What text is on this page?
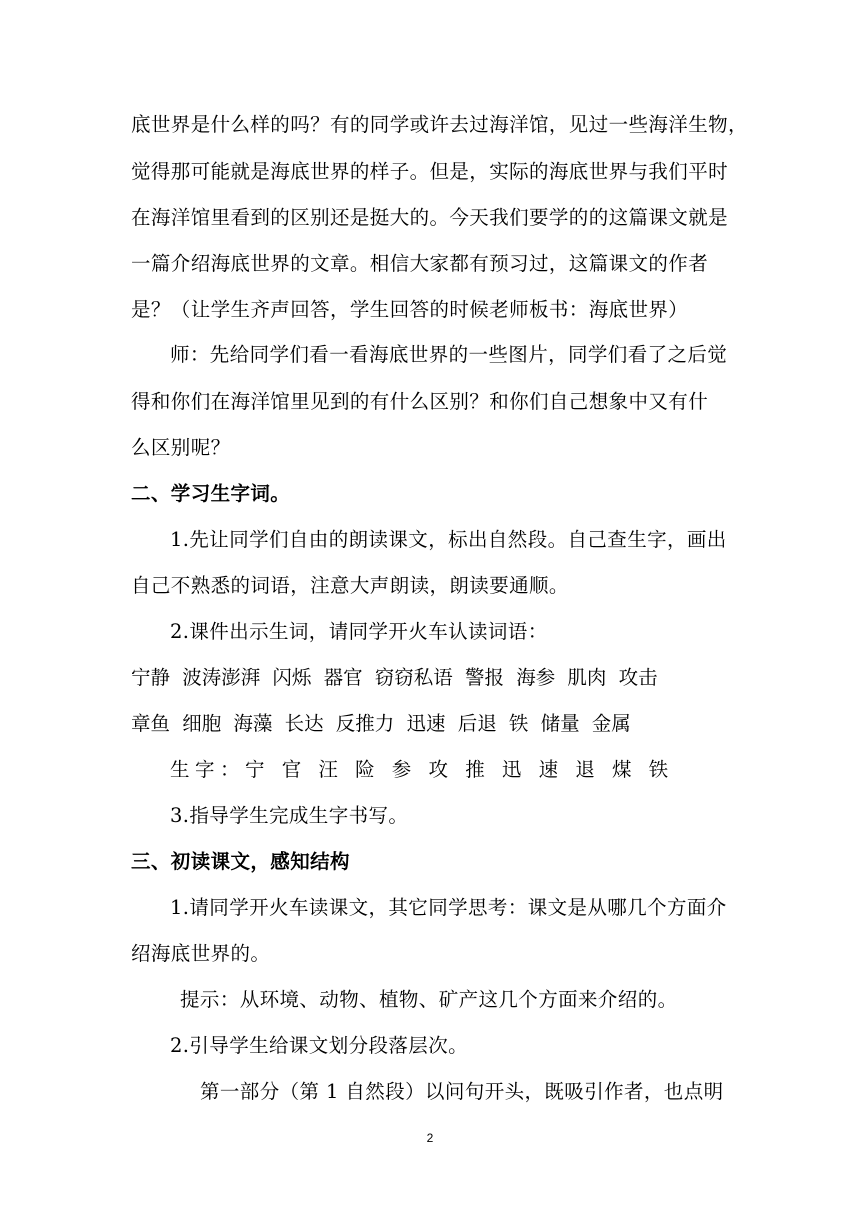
底世界是什么样的吗？有的同学或许去过海洋馆，见过一些海洋生物，
觉得那可能就是海底世界的样子。但是，实际的海底世界与我们平时
在海洋馆里看到的区别还是挺大的。今天我们要学的的这篇课文就是
一篇介绍海底世界的文章。相信大家都有预习过，这篇课文的作者
是？（让学生齐声回答，学生回答的时候老师板书：海底世界）
师：先给同学们看一看海底世界的一些图片，同学们看了之后觉
得和你们在海洋馆里见到的有什么区别？和你们自己想象中又有什
么区别呢？
二、学习生字词。
1.先让同学们自由的朗读课文，标出自然段。自己查生字，画出
自己不熟悉的词语，注意大声朗读，朗读要通顺。
2.课件出示生词，请同学开火车认读词语：
宁静 波涛澎湃 闪烁 器官 窃窃私语 警报 海参 肌肉 攻击
章鱼 细胞 海藻 长达 反推力 迅速 后退 铁 储量 金属
生字：宁 官 汪 险 参 攻 推 迅 速 退 煤 铁
3.指导学生完成生字书写。
三、初读课文，感知结构
1.请同学开火车读课文，其它同学思考：课文是从哪几个方面介
绍海底世界的。
提示：从环境、动物、植物、矿产这几个方面来介绍的。
2.引导学生给课文划分段落层次。
第一部分（第 1 自然段）以问句开头，既吸引作者，也点明
2
